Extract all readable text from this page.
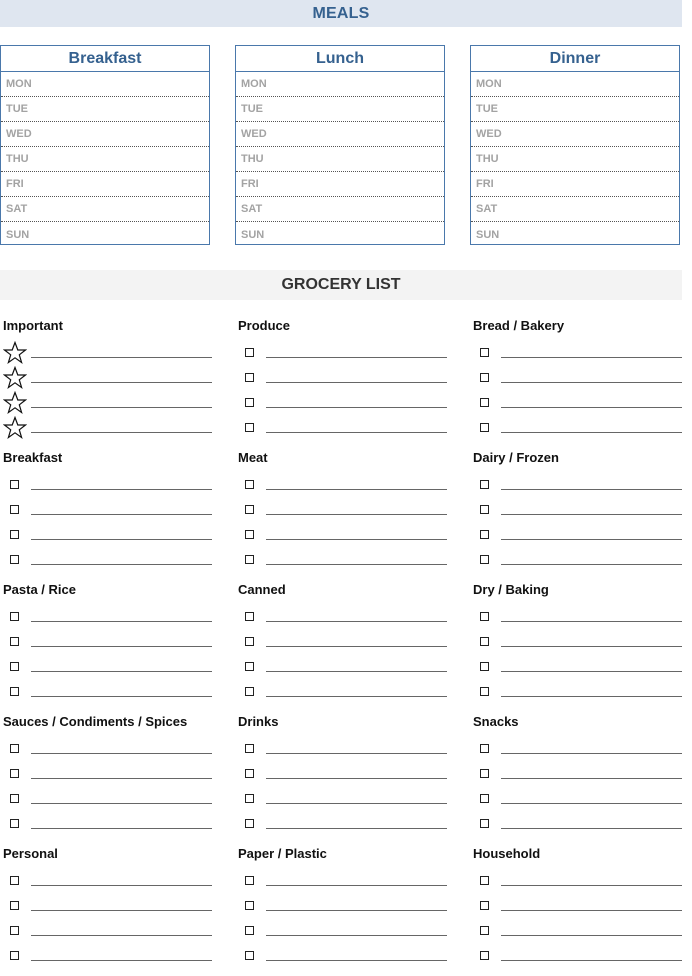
MEALS
Breakfast
MON
TUE
WED
THU
FRI
SAT
SUN
Lunch
MON
TUE
WED
THU
FRI
SAT
SUN
Dinner
MON
TUE
WED
THU
FRI
SAT
SUN
GROCERY LIST
Important	Produce	Bread / Bakery
Breakfast	Meat	Dairy / Frozen
Pasta / Rice	Canned	Dry / Baking
Sauces / Condiments / Spices	Drinks	Snacks
Personal	Paper / Plastic	Household
